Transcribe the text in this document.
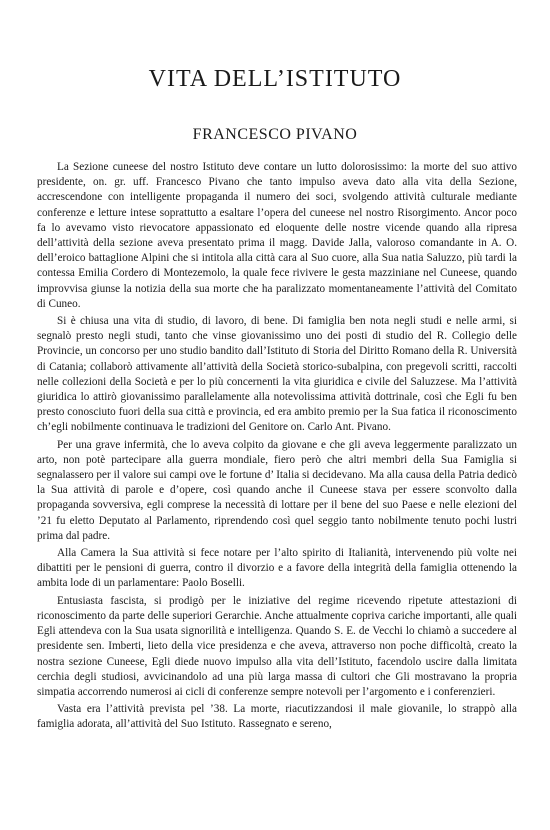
VITA DELL’ISTITUTO
FRANCESCO PIVANO

La Sezione cuneese del nostro Istituto deve contare un lutto dolorosissimo: la morte del suo attivo presidente, on. gr. uff. Francesco Pivano che tanto impulso aveva dato alla vita della Sezione, accrescendone con intelligente propaganda il numero dei soci, svolgendo attività culturale mediante conferenze e letture intese soprattutto a esaltare l’opera del cuneese nel nostro Risorgimento. Ancor poco fa lo avevamo visto rievocatore appassionato ed eloquente delle nostre vicende quando alla ripresa dell’attività della sezione aveva presentato prima il magg. Davide Jalla, valoroso comandante in A. O. dell’eroico battaglione Alpini che si intitola alla città cara al Suo cuore, alla Sua natia Saluzzo, più tardi la contessa Emilia Cordero di Montezemolo, la quale fece rivivere le gesta mazziniane nel Cuneese, quando improvvisa giunse la notizia della sua morte che ha paralizzato momentaneamente l’attività del Comitato di Cuneo.

Si è chiusa una vita di studio, di lavoro, di bene. Di famiglia ben nota negli studi e nelle armi, si segnalò presto negli studi, tanto che vinse giovanissimo uno dei posti di studio del R. Collegio delle Provincie, un concorso per uno studio bandito dall’Istituto di Storia del Diritto Romano della R. Università di Catania; collaborò attivamente all’attività della Società storico-subalpina, con pregevoli scritti, raccolti nelle collezioni della Società e per lo più concernenti la vita giuridica e civile del Saluzzese. Ma l’attività giuridica lo attirò giovanissimo parallelamente alla notevolissima attività dottrinale, così che Egli fu ben presto conosciuto fuori della sua città e provincia, ed era ambito premio per la Sua fatica il riconoscimento ch’egli nobilmente continuava le tradizioni del Genitore on. Carlo Ant. Pivano.

Per una grave infermità, che lo aveva colpito da giovane e che gli aveva leggermente paralizzato un arto, non potè partecipare alla guerra mondiale, fiero però che altri membri della Sua Famiglia si segnalassero per il valore sui campi ove le fortune d’ Italia si decidevano. Ma alla causa della Patria dedicò la Sua attività di parole e d’opere, così quando anche il Cuneese stava per essere sconvolto dalla propaganda sovversiva, egli comprese la necessità di lottare per il bene del suo Paese e nelle elezioni del ’21 fu eletto Deputato al Parlamento, riprendendo così quel seggio tanto nobilmente tenuto pochi lustri prima dal padre.

Alla Camera la Sua attività si fece notare per l’alto spirito di Italianità, intervenendo più volte nei dibattiti per le pensioni di guerra, contro il divorzio e a favore della integrità della famiglia ottenendo la ambita lode di un parlamentare: Paolo Boselli.

Entusiasta fascista, si prodigò per le iniziative del regime ricevendo ripetute attestazioni di riconoscimento da parte delle superiori Gerarchie. Anche attualmente copriva cariche importanti, alle quali Egli attendeva con la Sua usata signorilità e intelligenza. Quando S. E. de Vecchi lo chiamò a succedere al presidente sen. Imberti, lieto della vice presidenza e che aveva, attraverso non poche difficoltà, creato la nostra sezione Cuneese, Egli diede nuovo impulso alla vita dell’Istituto, facendolo uscire dalla limitata cerchia degli studiosi, avvicinandolo ad una più larga massa di cultori che Gli mostravano la propria simpatia accorrendo numerosi ai cicli di conferenze sempre notevoli per l’argomento e i conferenzieri.

Vasta era l’attività prevista pel ’38. La morte, riacutizzandosi il male giovanile, lo strappò alla famiglia adorata, all’attività del Suo Istituto. Rassegnato e sereno,
